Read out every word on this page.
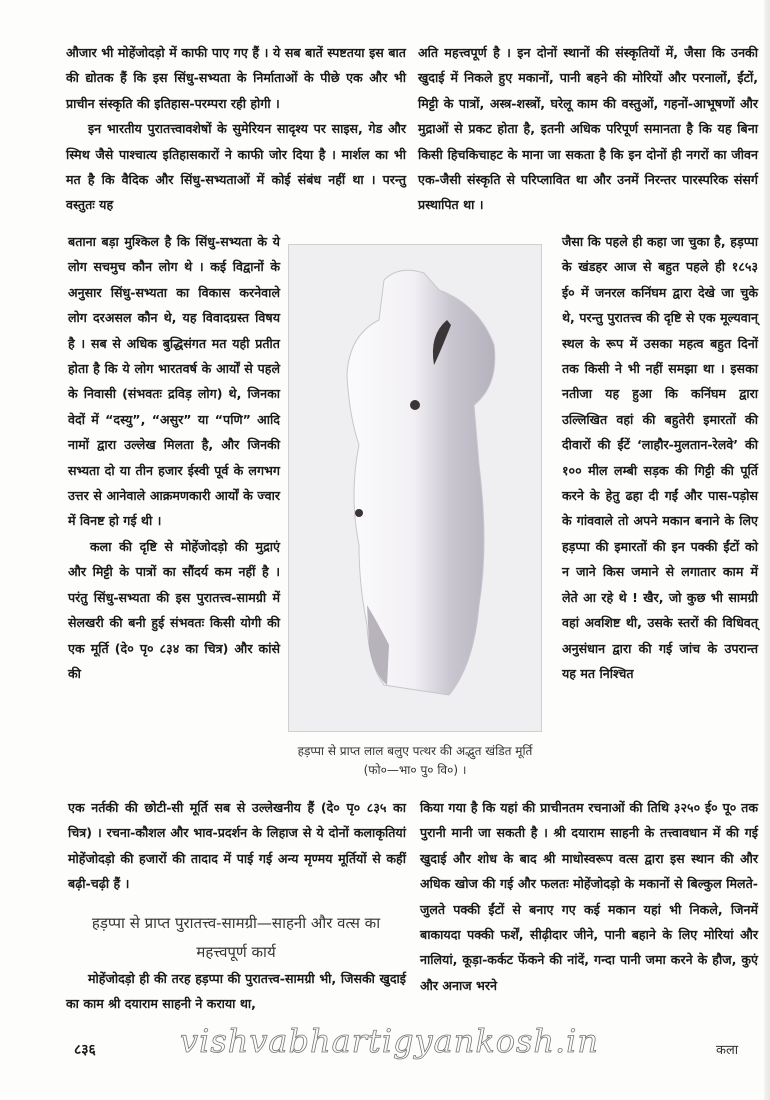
औजार भी मोहेंजोदड़ो में काफी पाए गए हैं । ये सब बातें स्पष्टतया इस बात की द्योतक हैं कि इस सिंधु-सभ्यता के निर्माताओं के पीछे एक और भी प्राचीन संस्कृति की इतिहास-परम्परा रही होगी ।

इन भारतीय पुरातत्त्वावशेषों के सुमेरियन सादृश्य पर साइस, गेड और स्मिथ जैसे पाश्चात्य इतिहासकारों ने काफी जोर दिया है । मार्शल का भी मत है कि वैदिक और सिंधु-सभ्यताओं में कोई संबंध नहीं था । परन्तु वस्तुतः यह

अति महत्त्वपूर्ण है । इन दोनों स्थानों की संस्कृतियों में, जैसा कि उनकी खुदाई में निकले हुए मकानों, पानी बहने की मोरियों और परनालों, ईंटों, मिट्टी के पात्रों, अस्त्र-शस्त्रों, घरेलू काम की वस्तुओं, गहनों-आभूषणों और मुद्राओं से प्रकट होता है, इतनी अधिक परिपूर्ण समानता है कि यह बिना किसी हिचकिचाहट के माना जा सकता है कि इन दोनों ही नगरों का जीवन एक-जैसी संस्कृति से परिप्लावित था और उनमें निरन्तर पारस्परिक संसर्ग प्रस्थापित था ।

बताना बड़ा मुश्किल है कि सिंधु-सभ्यता के ये लोग सचमुच कौन लोग थे । कई विद्वानों के अनुसार सिंधु-सभ्यता का विकास करनेवाले लोग दरअसल कौन थे, यह विवादग्रस्त विषय है । सब से अधिक बुद्धिसंगत मत यही प्रतीत होता है कि ये लोग भारतवर्ष के आर्यों से पहले के निवासी (संभवतः द्रविड़ लोग) थे, जिनका वेदों में “दस्यु”, “असुर” या “पणि” आदि नामों द्वारा उल्लेख मिलता है, और जिनकी सभ्यता दो या तीन हजार ईस्वी पूर्व के लगभग उत्तर से आनेवाले आक्रमणकारी आर्यों के ज्वार में विनष्ट हो गई थी ।

कला की दृष्टि से मोहेंजोदड़ो की मुद्राएं और मिट्टी के पात्रों का सौंदर्य कम नहीं है । परंतु सिंधु-सभ्यता की इस पुरातत्त्व-सामग्री में सेलखरी की बनी हुई संभवतः किसी योगी की एक मूर्ति (दे० पृ० ८३४ का चित्र) और कांसे की

हड़प्पा से प्राप्त लाल बलुए पत्थर की अद्भुत खंडित मूर्ति (फो०—भा० पु० वि०) ।

जैसा कि पहले ही कहा जा चुका है, हड़प्पा के खंडहर आज से बहुत पहले ही १८५३ ई० में जनरल कनिंघम द्वारा देखे जा चुके थे, परन्तु पुरातत्त्व की दृष्टि से एक मूल्यवान् स्थल के रूप में उसका महत्व बहुत दिनों तक किसी ने भी नहीं समझा था । इसका नतीजा यह हुआ कि कनिंघम द्वारा उल्लिखित वहां की बहुतेरी इमारतों की दीवारों की ईंटें ‘लाहौर-मुलतान-रेलवे’ की १०० मील लम्बी सड़क की गिट्टी की पूर्ति करने के हेतु ढहा दी गईं और पास-पड़ोस के गांववाले तो अपने मकान बनाने के लिए हड़प्पा की इमारतों की इन पक्की ईंटों को न जाने किस जमाने से लगातार काम में लेते आ रहे थे ! खैर, जो कुछ भी सामग्री वहां अवशिष्ट थी, उसके स्तरों की विधिवत् अनुसंधान द्वारा की गई जांच के उपरान्त यह मत निश्चित

एक नर्तकी की छोटी-सी मूर्ति सब से उल्लेखनीय हैं (दे० पृ० ८३५ का चित्र) । रचना-कौशल और भाव-प्रदर्शन के लिहाज से ये दोनों कलाकृतियां मोहेंजोदड़ो की हजारों की तादाद में पाई गई अन्य मृण्मय मूर्तियों से कहीं बढ़ी-चढ़ी हैं ।

हड़प्पा से प्राप्त पुरातत्त्व-सामग्री—साहनी और वत्स का महत्त्वपूर्ण कार्य

मोहेंजोदड़ो ही की तरह हड़प्पा की पुरातत्त्व-सामग्री भी, जिसकी खुदाई का काम श्री दयाराम साहनी ने कराया था,

किया गया है कि यहां की प्राचीनतम रचनाओं की तिथि ३२५० ई० पू० तक पुरानी मानी जा सकती है । श्री दयाराम साहनी के तत्त्वावधान में की गई खुदाई और शोध के बाद श्री माधोस्वरूप वत्स द्वारा इस स्थान की और अधिक खोज की गई और फलतः मोहेंजोदड़ो के मकानों से बिल्कुल मिलते-जुलते पक्की ईंटों से बनाए गए कई मकान यहां भी निकले, जिनमें बाकायदा पक्की फर्शें, सीढ़ीदार जीने, पानी बहाने के लिए मोरियां और नालियां, कूड़ा-कर्कट फेंकने की नांदें, गन्दा पानी जमा करने के हौज, कुएं और अनाज भरने

८३६	vishvabhartigyankosh.in	कला
